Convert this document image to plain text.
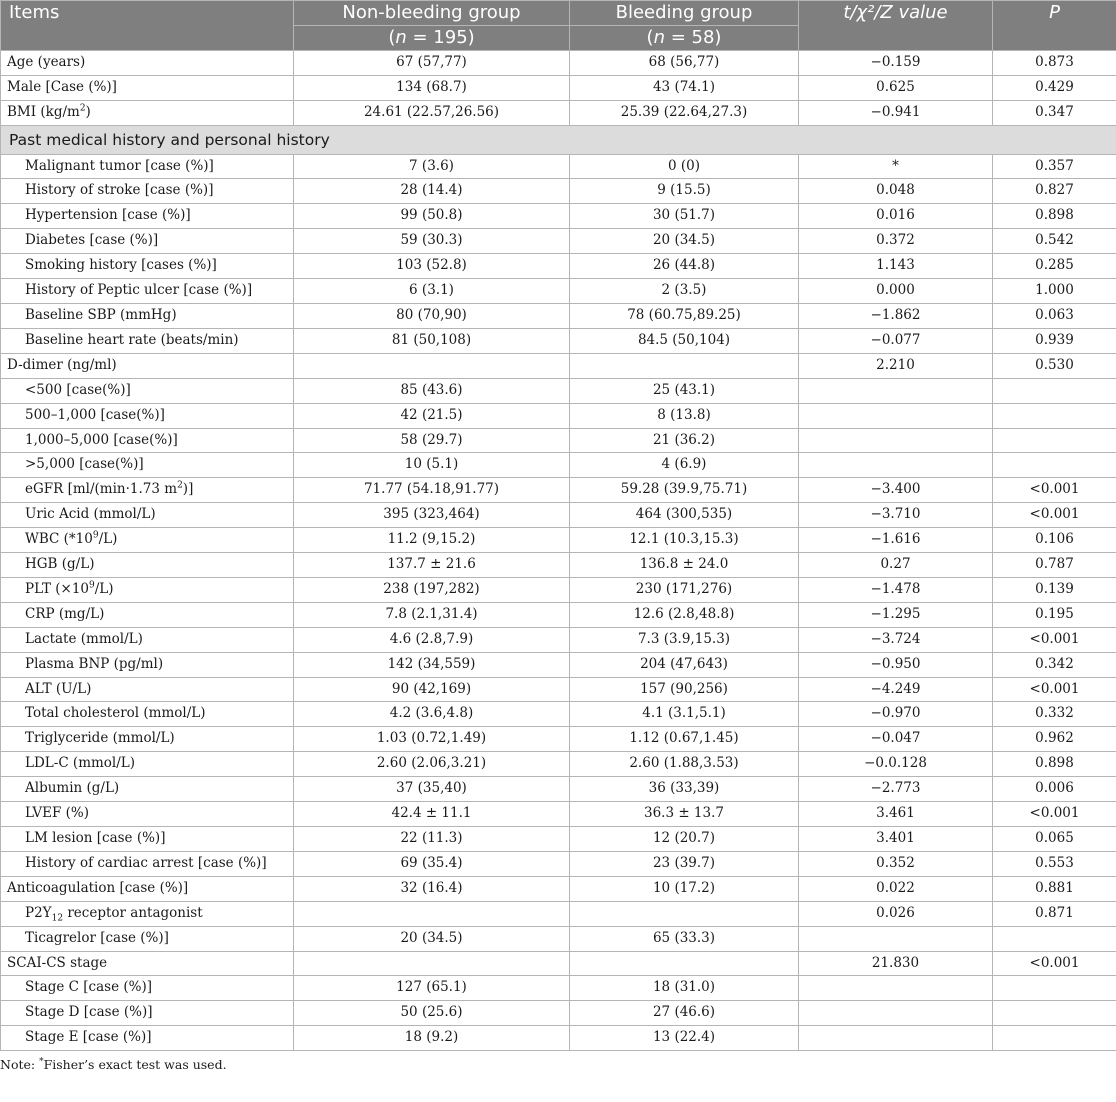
Items	Non-bleeding group	Bleeding group	t/χ²/Z value	P
	(n = 195)	(n = 58)		
Age (years)	67 (57,77)	68 (56,77)	−0.159	0.873
Male [Case (%)]	134 (68.7)	43 (74.1)	0.625	0.429
BMI $(kg/m^2)$	24.61 (22.57,26.56)	25.39 (22.64,27.3)	−0.941	0.347
Past medical history and personal history				
Malignant tumor [case (%)]	7 (3.6)	0 (0)	*	0.357
History of stroke [case (%)]	28 (14.4)	9 (15.5)	0.048	0.827
Hypertension [case (%)]	99 (50.8)	30 (51.7)	0.016	0.898
Diabetes [case (%)]	59 (30.3)	20 (34.5)	0.372	0.542
Smoking history [cases (%)]	103 (52.8)	26 (44.8)	1.143	0.285
History of Peptic ulcer [case (%)]	6 (3.1)	2 (3.5)	0.000	1.000
Baseline SBP (mmHg)	80 (70,90)	78 (60.75,89.25)	−1.862	0.063
Baseline heart rate (beats/min)	81 (50,108)	84.5 (50,104)	−0.077	0.939
D-dimer (ng/ml)			2.210	0.530
<500 [case(%)]	85 (43.6)	25 (43.1)		
500–1,000 [case(%)]	42 (21.5)	8 (13.8)		
1,000–5,000 [case(%)]	58 (29.7)	21 (36.2)		
>5,000 [case(%)]	10 (5.1)	4 (6.9)		
eGFR [ml/(min·1.73 $m^2$)]	71.77 (54.18,91.77)	59.28 (39.9,75.71)	−3.400	<0.001
Uric Acid (mmol/L)	395 (323,464)	464 (300,535)	−3.710	<0.001
WBC $(*10^9/L)$	11.2 (9,15.2)	12.1 (10.3,15.3)	−1.616	0.106
HGB (g/L)	137.7 ± 21.6	136.8 ± 24.0	0.27	0.787
PLT $(\times 10^9/L)$	238 (197,282)	230 (171,276)	−1.478	0.139
CRP (mg/L)	7.8 (2.1,31.4)	12.6 (2.8,48.8)	−1.295	0.195
Lactate (mmol/L)	4.6 (2.8,7.9)	7.3 (3.9,15.3)	−3.724	<0.001
Plasma BNP (pg/ml)	142 (34,559)	204 (47,643)	−0.950	0.342
ALT (U/L)	90 (42,169)	157 (90,256)	−4.249	<0.001
Total cholesterol (mmol/L)	4.2 (3.6,4.8)	4.1 (3.1,5.1)	−0.970	0.332
Triglyceride (mmol/L)	1.03 (0.72,1.49)	1.12 (0.67,1.45)	−0.047	0.962
LDL-C (mmol/L)	2.60 (2.06,3.21)	2.60 (1.88,3.53)	−0.0.128	0.898
Albumin (g/L)	37 (35,40)	36 (33,39)	−2.773	0.006
LVEF (%)	42.4 ± 11.1	36.3 ± 13.7	3.461	<0.001
LM lesion [case (%)]	22 (11.3)	12 (20.7)	3.401	0.065
History of cardiac arrest [case (%)]	69 (35.4)	23 (39.7)	0.352	0.553
Anticoagulation [case (%)]	32 (16.4)	10 (17.2)	0.022	0.881
$P2Y_{12}$ receptor antagonist			0.026	0.871
Ticagrelor [case (%)]	20 (34.5)	65 (33.3)		
SCAI-CS stage			21.830	<0.001
Stage C [case (%)]	127 (65.1)	18 (31.0)		
Stage D [case (%)]	50 (25.6)	27 (46.6)		
Stage E [case (%)]	18 (9.2)	13 (22.4)		
Note: *Fisher’s exact test was used.
